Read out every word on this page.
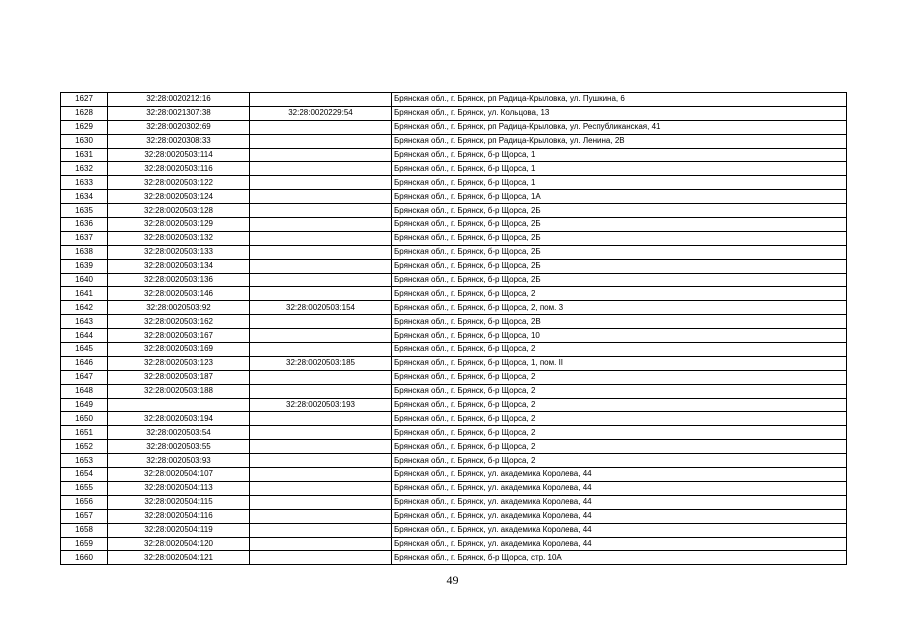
1627	32:28:0020212:16		Брянская обл., г. Брянск, рп Радица-Крыловка, ул. Пушкина, 6
1628	32:28:0021307:38	32:28:0020229:54	Брянская обл., г. Брянск, ул. Кольцова, 13
1629	32:28:0020302:69		Брянская обл., г. Брянск, рп Радица-Крыловка, ул. Республиканская, 41
1630	32:28:0020308:33		Брянская обл., г. Брянск, рп Радица-Крыловка, ул. Ленина, 2В
1631	32:28:0020503:114		Брянская обл., г. Брянск, б-р Щорса, 1
1632	32:28:0020503:116		Брянская обл., г. Брянск, б-р Щорса, 1
1633	32:28:0020503:122		Брянская обл., г. Брянск, б-р Щорса, 1
1634	32:28:0020503:124		Брянская обл., г. Брянск, б-р Щорса, 1А
1635	32:28:0020503:128		Брянская обл., г. Брянск, б-р Щорса, 2Б
1636	32:28:0020503:129		Брянская обл., г. Брянск, б-р Щорса, 2Б
1637	32:28:0020503:132		Брянская обл., г. Брянск, б-р Щорса, 2Б
1638	32:28:0020503:133		Брянская обл., г. Брянск, б-р Щорса, 2Б
1639	32:28:0020503:134		Брянская обл., г. Брянск, б-р Щорса, 2Б
1640	32:28:0020503:136		Брянская обл., г. Брянск, б-р Щорса, 2Б
1641	32:28:0020503:146		Брянская обл., г. Брянск, б-р Щорса, 2
1642	32:28:0020503:92	32:28:0020503:154	Брянская обл., г. Брянск, б-р Щорса, 2, пом. 3
1643	32:28:0020503:162		Брянская обл., г. Брянск, б-р Щорса, 2В
1644	32:28:0020503:167		Брянская обл., г. Брянск, б-р Щорса, 10
1645	32:28:0020503:169		Брянская обл., г. Брянск, б-р Щорса, 2
1646	32:28:0020503:123	32:28:0020503:185	Брянская обл., г. Брянск, б-р Щорса, 1, пом. II
1647	32:28:0020503:187		Брянская обл., г. Брянск, б-р Щорса, 2
1648	32:28:0020503:188		Брянская обл., г. Брянск, б-р Щорса, 2
1649		32:28:0020503:193	Брянская обл., г. Брянск, б-р Щорса, 2
1650	32:28:0020503:194		Брянская обл., г. Брянск, б-р Щорса, 2
1651	32:28:0020503:54		Брянская обл., г. Брянск, б-р Щорса, 2
1652	32:28:0020503:55		Брянская обл., г. Брянск, б-р Щорса, 2
1653	32:28:0020503:93		Брянская обл., г. Брянск, б-р Щорса, 2
1654	32:28:0020504:107		Брянская обл., г. Брянск, ул. академика Королева, 44
1655	32:28:0020504:113		Брянская обл., г. Брянск, ул. академика Королева, 44
1656	32:28:0020504:115		Брянская обл., г. Брянск, ул. академика Королева, 44
1657	32:28:0020504:116		Брянская обл., г. Брянск, ул. академика Королева, 44
1658	32:28:0020504:119		Брянская обл., г. Брянск, ул. академика Королева, 44
1659	32:28:0020504:120		Брянская обл., г. Брянск, ул. академика Королева, 44
1660	32:28:0020504:121		Брянская обл., г. Брянск, б-р Щорса, стр. 10А
49
